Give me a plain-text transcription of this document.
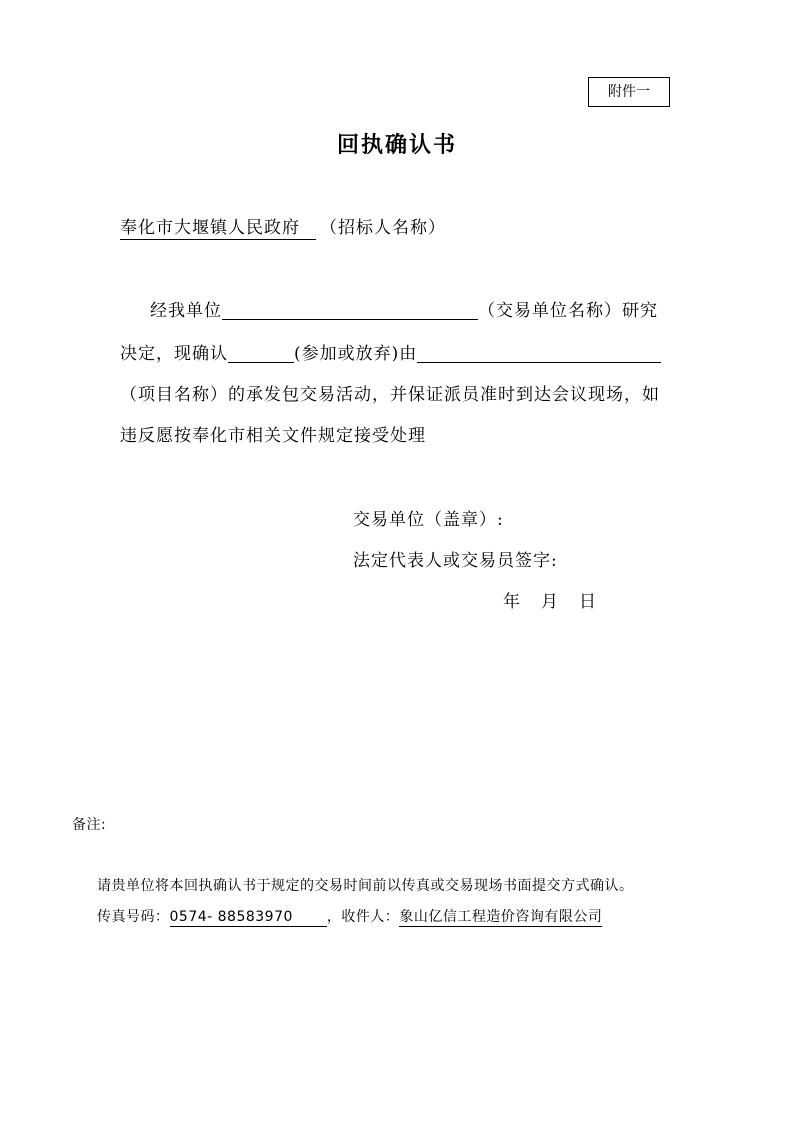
附件一
回执确认书
奉化市大堰镇人民政府 （招标人名称）
经我单位	（交易单位名称）研究
决定，现确认	(参加或放弃)由
（项目名称）的承发包交易活动，并保证派员准时到达会议现场，如
违反愿按奉化市相关文件规定接受处理
交易单位（盖章）:
法定代表人或交易员签字:
年 月 日
备注:
请贵单位将本回执确认书于规定的交易时间前以传真或交易现场书面提交方式确认。
传真号码：0574- 88583970 ，收件人：象山亿信工程造价咨询有限公司
